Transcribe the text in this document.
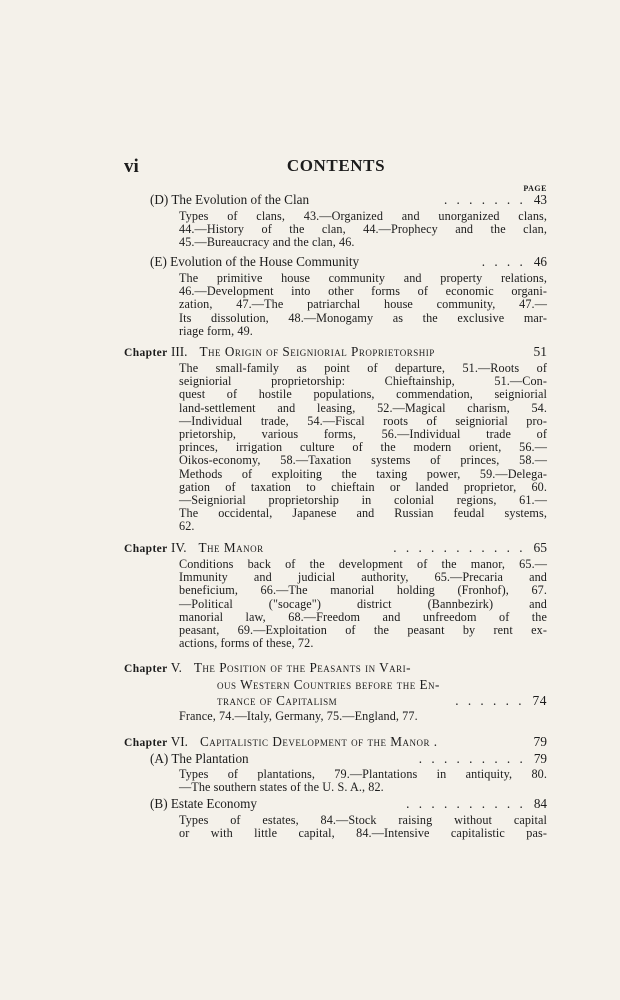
vi	CONTENTS
PAGE
(D) The Evolution of the Clan	. . . . . . . 43
Types of clans, 43.—Organized and unorganized clans,
44.—History of the clan, 44.—Prophecy and the clan,
45.—Bureaucracy and the clan, 46.
(E) Evolution of the House Community	. . . . 46
The primitive house community and property relations,
46.—Development into other forms of economic organi-
zation, 47.—The patriarchal house community, 47.—
Its dissolution, 48.—Monogamy as the exclusive mar-
riage form, 49.
Chapter III. The Origin of Seigniorial Proprietorship	51
The small-family as point of departure, 51.—Roots of
seigniorial proprietorship: Chieftainship, 51.—Con-
quest of hostile populations, commendation, seigniorial
land-settlement and leasing, 52.—Magical charism, 54.
—Individual trade, 54.—Fiscal roots of seigniorial pro-
prietorship, various forms, 56.—Individual trade of
princes, irrigation culture of the modern orient, 56.—
Oikos-economy, 58.—Taxation systems of princes, 58.—
Methods of exploiting the taxing power, 59.—Delega-
gation of taxation to chieftain or landed proprietor, 60.
—Seigniorial proprietorship in colonial regions, 61.—
The occidental, Japanese and Russian feudal systems,
62.
Chapter IV. The Manor	. . . . . . . . . . . 65
Conditions back of the development of the manor, 65.—
Immunity and judicial authority, 65.—Precaria and
beneficium, 66.—The manorial holding (Fronhof), 67.
—Political ("socage") district (Bannbezirk) and
manorial law, 68.—Freedom and unfreedom of the
peasant, 69.—Exploitation of the peasant by rent ex-
actions, forms of these, 72.
Chapter V. The Position of the Peasants in Vari-
ous Western Countries before the En-
trance of Capitalism	. . . . . . 74
France, 74.—Italy, Germany, 75.—England, 77.
Chapter VI. Capitalistic Development of the Manor .	79
(A) The Plantation	. . . . . . . . . 79
Types of plantations, 79.—Plantations in antiquity, 80.
—The southern states of the U. S. A., 82.
(B) Estate Economy	. . . . . . . . . . 84
Types of estates, 84.—Stock raising without capital
or with little capital, 84.—Intensive capitalistic pas-
